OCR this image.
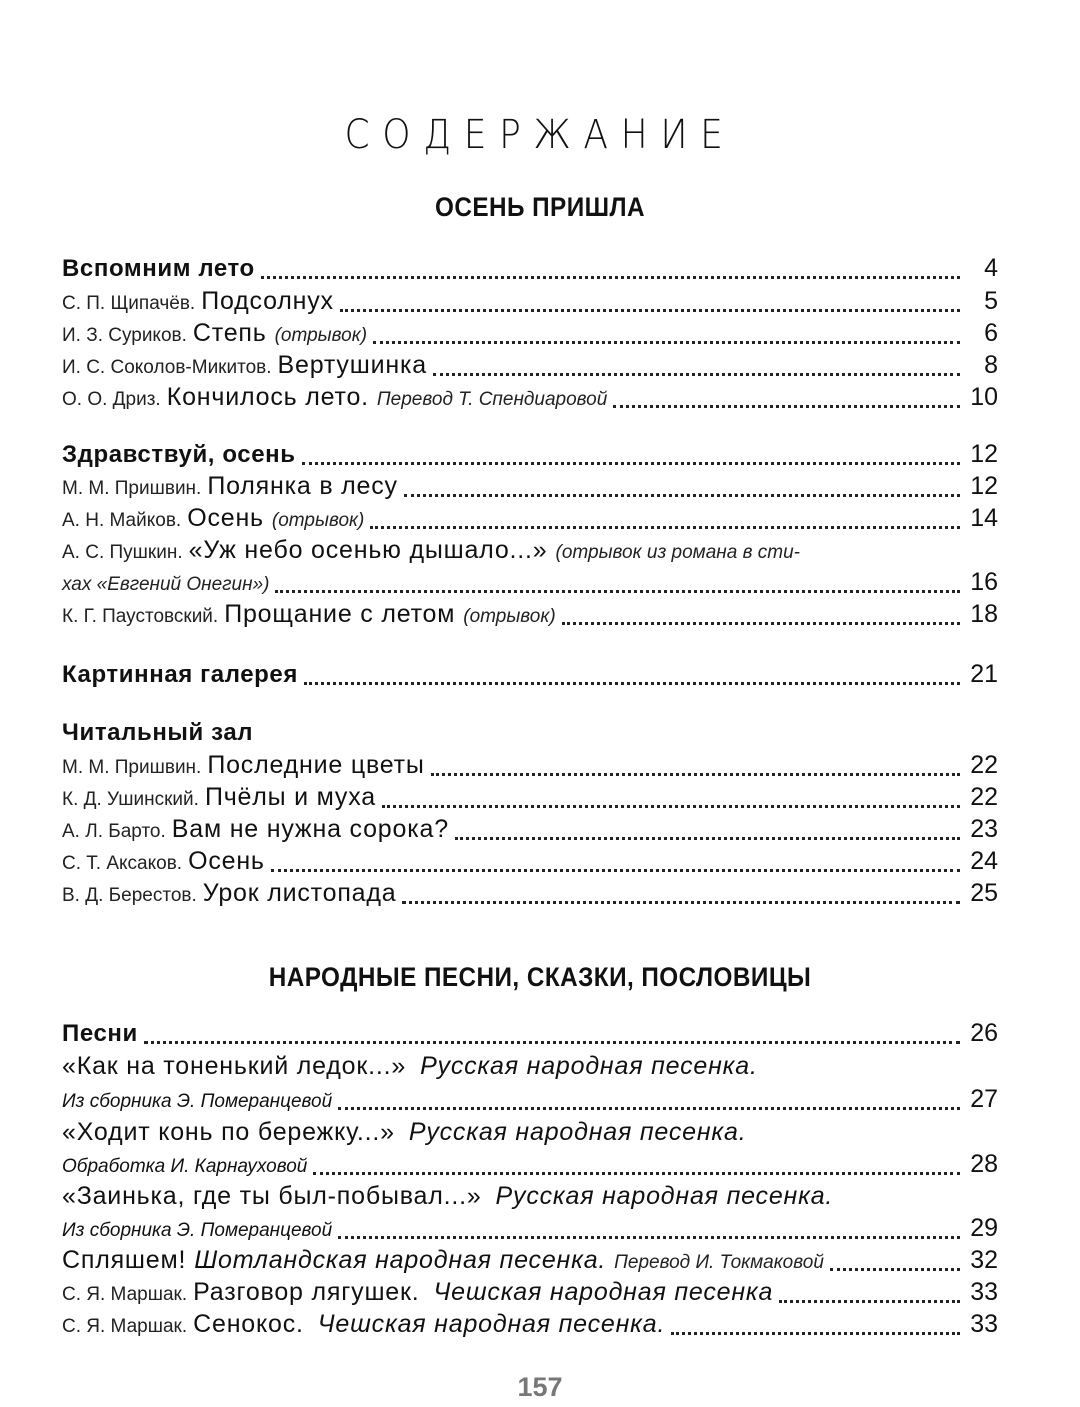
СОДЕРЖАНИЕ
ОСЕНЬ ПРИШЛА
Вспомним лето	4
С. П. Щипачёв. Подсолнух	5
И. З. Суриков. Степь (отрывок)	6
И. С. Соколов-Микитов. Вертушинка	8
О. О. Дриз. Кончилось лето. Перевод Т. Спендиаровой	10
Здравствуй, осень	12
М. М. Пришвин. Полянка в лесу	12
А. Н. Майков. Осень (отрывок)	14
А. С. Пушкин. «Уж небо осенью дышало...» (отрывок из романа в сти-
хах «Евгений Онегин»)	16
К. Г. Паустовский. Прощание с летом (отрывок)	18
Картинная галерея	21
Читальный зал
М. М. Пришвин. Последние цветы	22
К. Д. Ушинский. Пчёлы и муха	22
А. Л. Барто. Вам не нужна сорока?	23
С. Т. Аксаков. Осень	24
В. Д. Берестов. Урок листопада	25
НАРОДНЫЕ ПЕСНИ, СКАЗКИ, ПОСЛОВИЦЫ
Песни	26
«Как на тоненький ледок...» Русская народная песенка.
Из сборника Э. Померанцевой	27
«Ходит конь по бережку...» Русская народная песенка.
Обработка И. Карнауховой	28
«Заинька, где ты был-побывал...» Русская народная песенка.
Из сборника Э. Померанцевой	29
Спляшем! Шотландская народная песенка. Перевод И. Токмаковой	32
С. Я. Маршак. Разговор лягушек. Чешская народная песенка	33
С. Я. Маршак. Сенокос. Чешская народная песенка.	33
157
